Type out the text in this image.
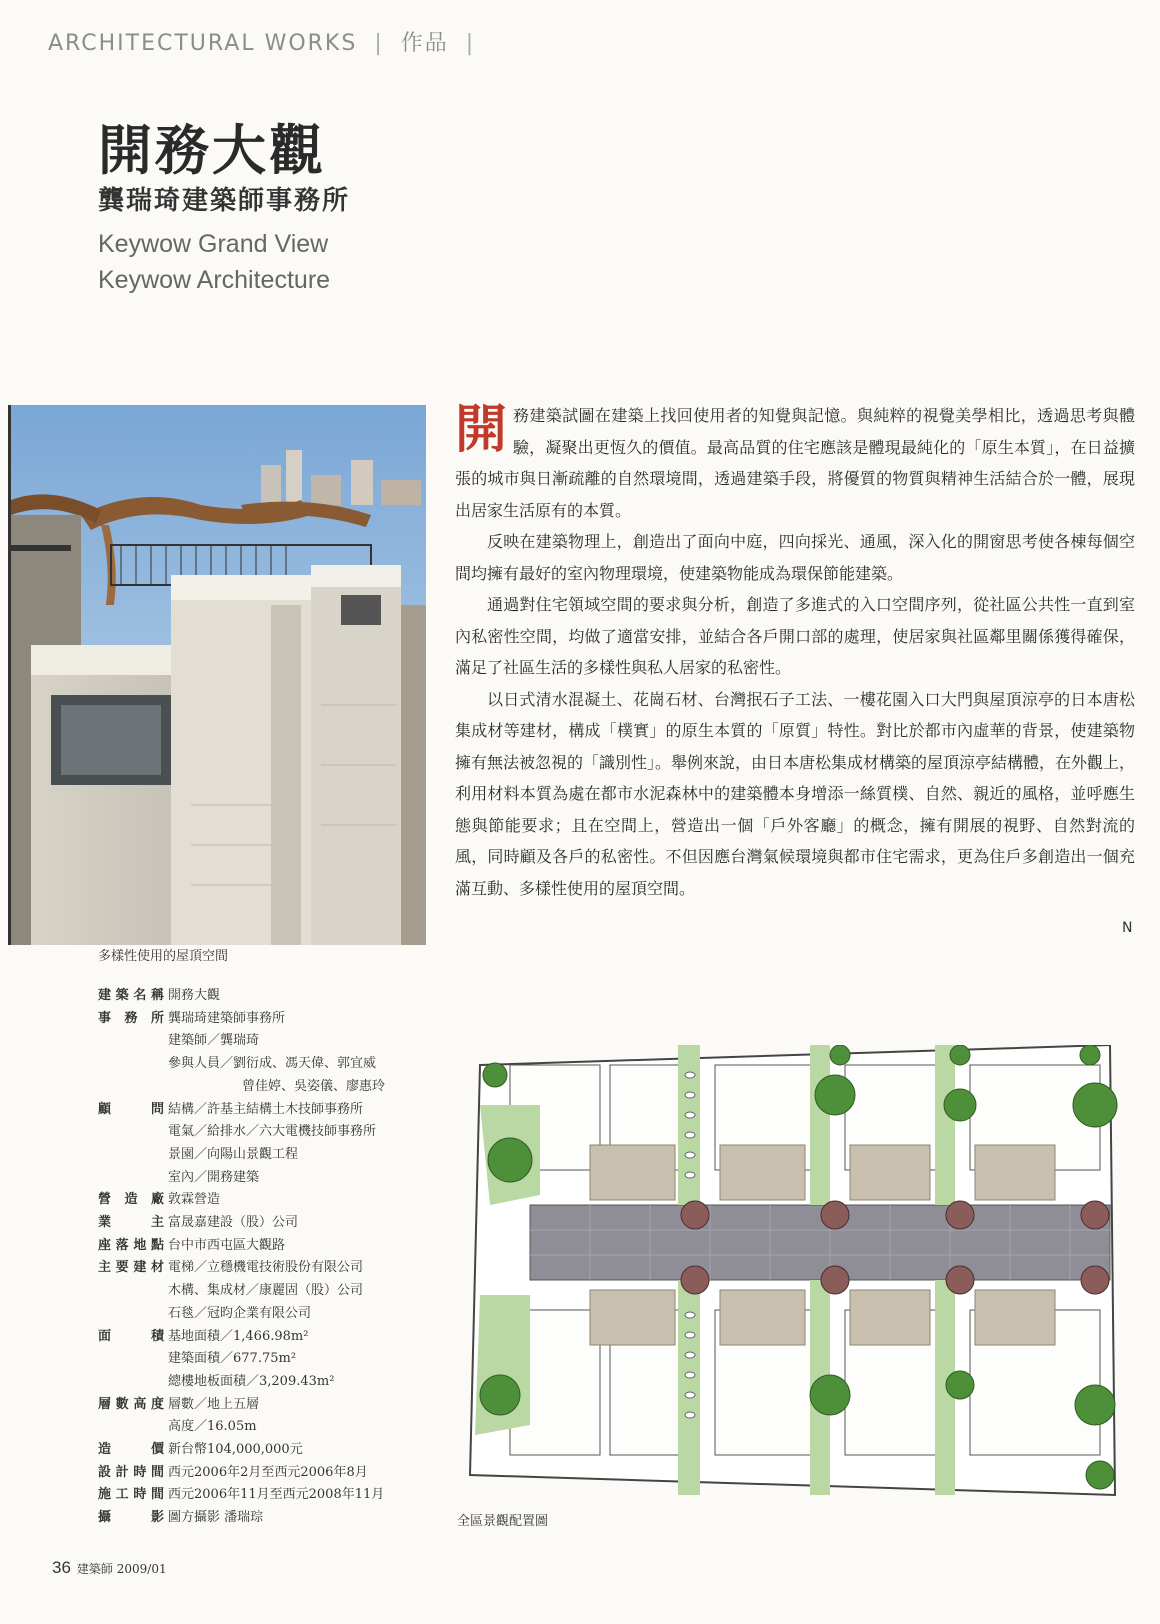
ARCHITECTURAL WORKS | 作品 |
開務大觀
龔瑞琦建築師事務所
Keywow Grand View
Keywow Architecture
多樣性使用的屋頂空間

開務建築試圖在建築上找回使用者的知覺與記憶。與純粹的視覺美學相比，透過思考與體驗，凝聚出更恆久的價值。最高品質的住宅應該是體現最純化的「原生本質」，在日益擴張的城市與日漸疏離的自然環境間，透過建築手段，將優質的物質與精神生活結合於一體，展現出居家生活原有的本質。

反映在建築物理上，創造出了面向中庭，四向採光、通風，深入化的開窗思考使各棟每個空間均擁有最好的室內物理環境，使建築物能成為環保節能建築。

通過對住宅領域空間的要求與分析，創造了多進式的入口空間序列，從社區公共性一直到室內私密性空間，均做了適當安排，並結合各戶開口部的處理，使居家與社區鄰里關係獲得確保，滿足了社區生活的多樣性與私人居家的私密性。

以日式清水混凝土、花崗石材、台灣抿石子工法、一樓花園入口大門與屋頂涼亭的日本唐松集成材等建材，構成「樸實」的原生本質的「原質」特性。對比於都市內虛華的背景，使建築物擁有無法被忽視的「識別性」。舉例來說，由日本唐松集成材構築的屋頂涼亭結構體，在外觀上，利用材料本質為處在都市水泥森林中的建築體本身增添一絲質樸、自然、親近的風格，並呼應生態與節能要求；且在空間上，營造出一個「戶外客廳」的概念，擁有開展的視野、自然對流的風，同時顧及各戶的私密性。不但因應台灣氣候環境與都市住宅需求，更為住戶多創造出一個充滿互動、多樣性使用的屋頂空間。

N
建築名稱 開務大觀
事務所 龔瑞琦建築師事務所
建築師／龔瑞琦
參與人員／劉衍成、馮天偉、郭宜威
曾佳婷、吳姿儀、廖惠玲
顧問 結構／許基主結構土木技師事務所
電氣／給排水／六大電機技師事務所
景園／向陽山景觀工程
室內／開務建築
營造廠 敦霖營造
業主 富晟嘉建設（股）公司
座落地點 台中市西屯區大觀路
主要建材 電梯／立穩機電技術股份有限公司
木構、集成材／康麗固（股）公司
石毯／冠昀企業有限公司
面積 基地面積／1,466.98m²
建築面積／677.75m²
總樓地板面積／3,209.43m²
層數高度 層數／地上五層
高度／16.05m
造價 新台幣104,000,000元
設計時間 西元2006年2月至西元2006年8月
施工時間 西元2006年11月至西元2008年11月
攝影 圖方攝影 潘瑞琮	全區景觀配置圖
36 建築師 2009/01
